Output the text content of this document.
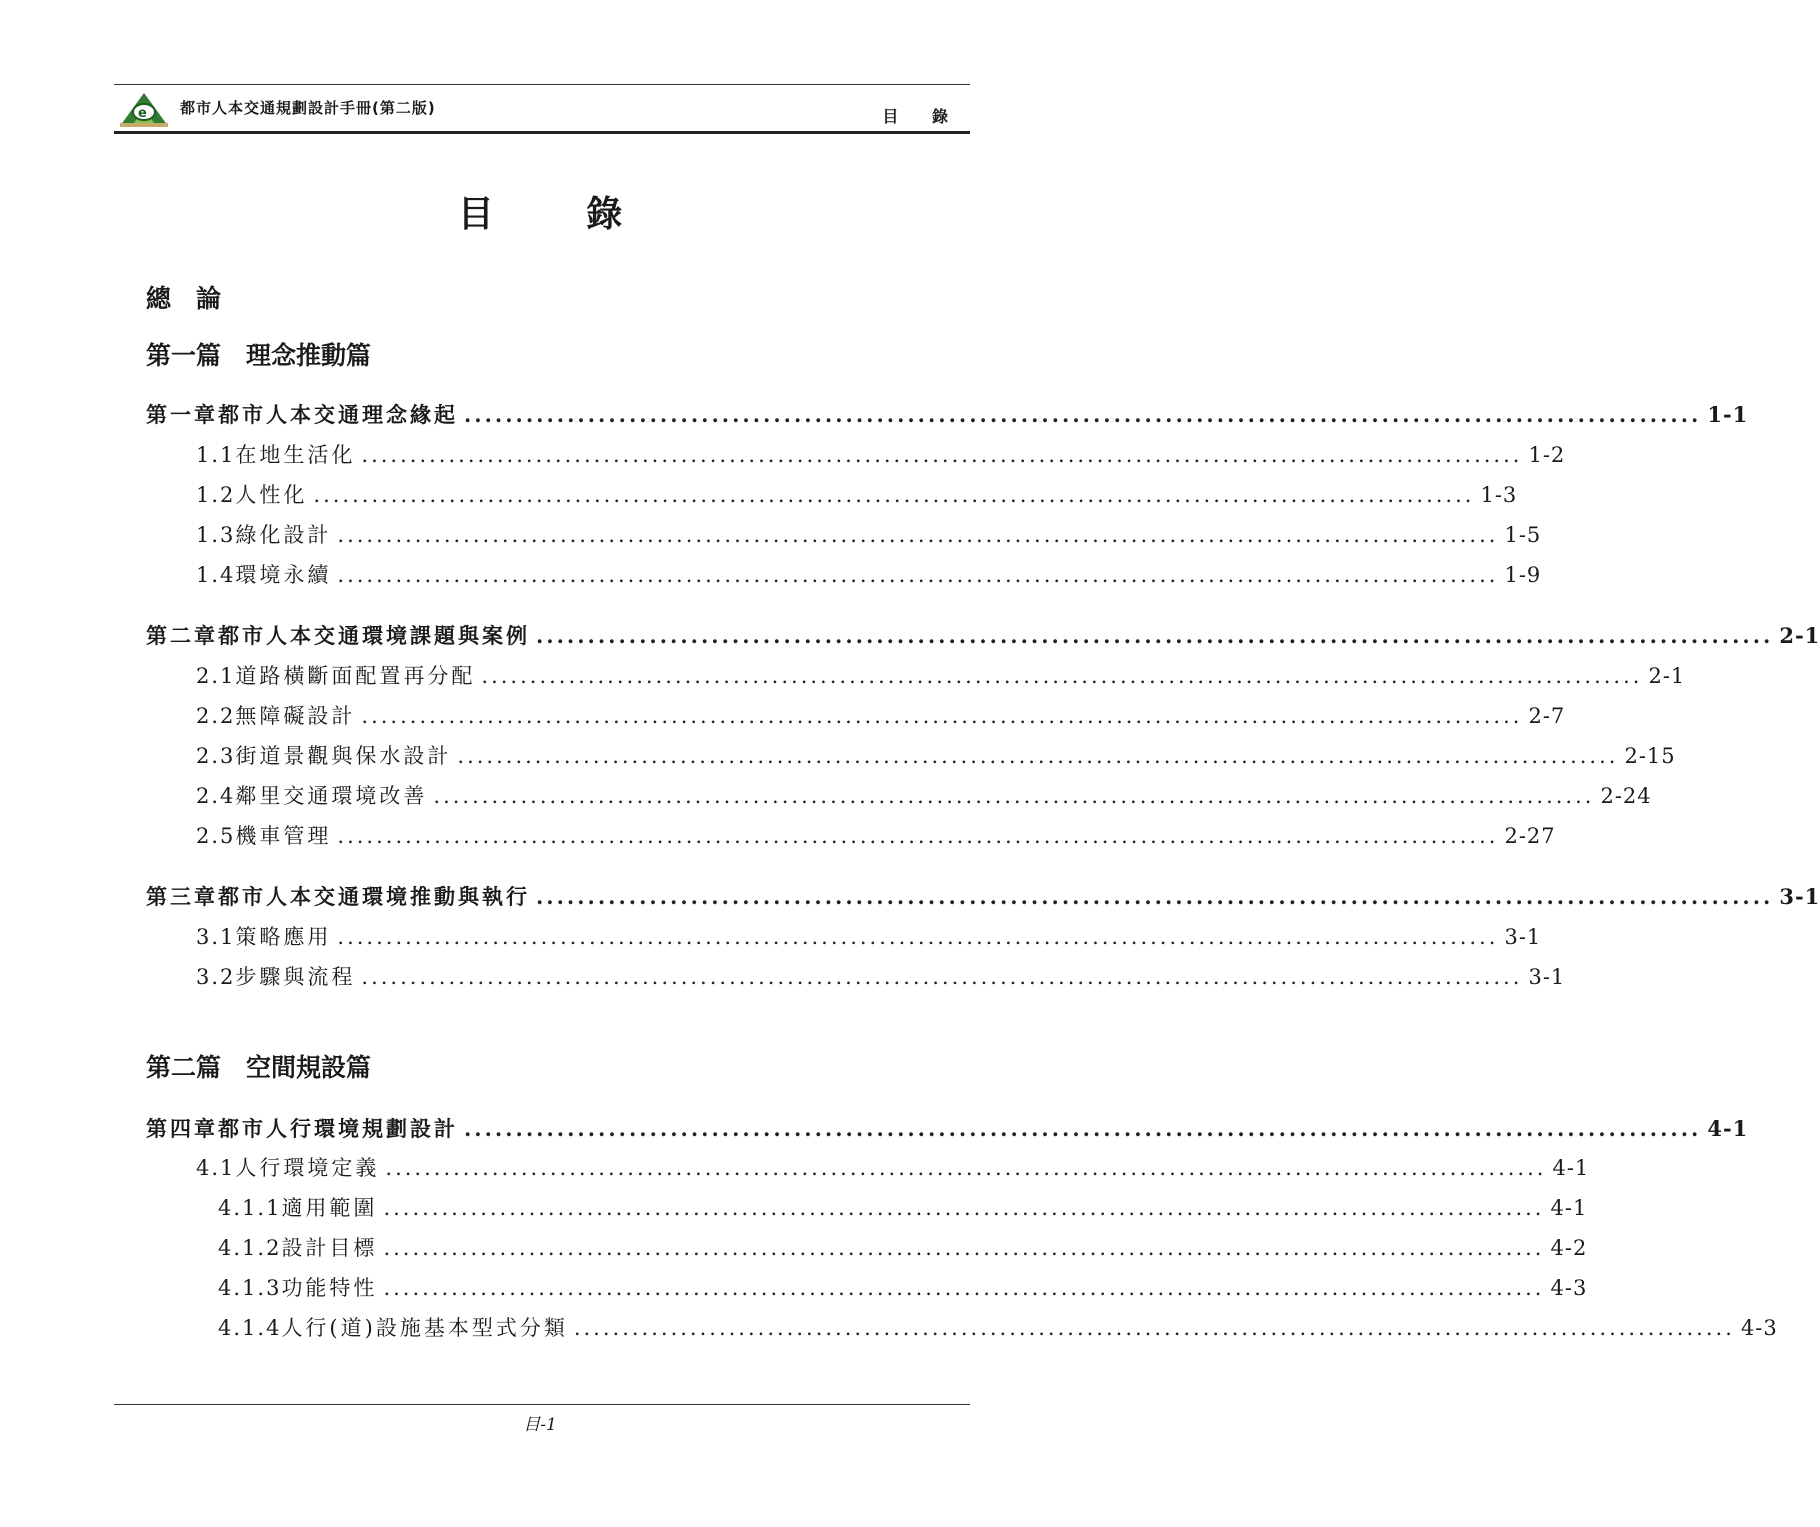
e 都市人本交通規劃設計手冊(第二版)	目 錄
目 錄
總　論
第一篇　理念推動篇
第一章 都市人本交通理念緣起 ........................................................................................................................ 1-1
1.1 在地生活化 ........................................................................................................................ 1-2
1.2 人性化 ........................................................................................................................ 1-3
1.3 綠化設計 ........................................................................................................................ 1-5
1.4 環境永續 ........................................................................................................................ 1-9
第二章 都市人本交通環境課題與案例 ........................................................................................................................ 2-1
2.1 道路橫斷面配置再分配 ........................................................................................................................ 2-1
2.2 無障礙設計 ........................................................................................................................ 2-7
2.3 街道景觀與保水設計 ........................................................................................................................ 2-15
2.4 鄰里交通環境改善 ........................................................................................................................ 2-24
2.5 機車管理 ........................................................................................................................ 2-27
第三章 都市人本交通環境推動與執行 ........................................................................................................................ 3-1
3.1 策略應用 ........................................................................................................................ 3-1
3.2 步驟與流程 ........................................................................................................................ 3-1
第二篇　空間規設篇
第四章 都市人行環境規劃設計 ........................................................................................................................ 4-1
4.1 人行環境定義 ........................................................................................................................ 4-1
4.1.1 適用範圍 ........................................................................................................................ 4-1
4.1.2 設計目標 ........................................................................................................................ 4-2
4.1.3 功能特性 ........................................................................................................................ 4-3
4.1.4 人行(道)設施基本型式分類 ........................................................................................................................ 4-3
目-1
